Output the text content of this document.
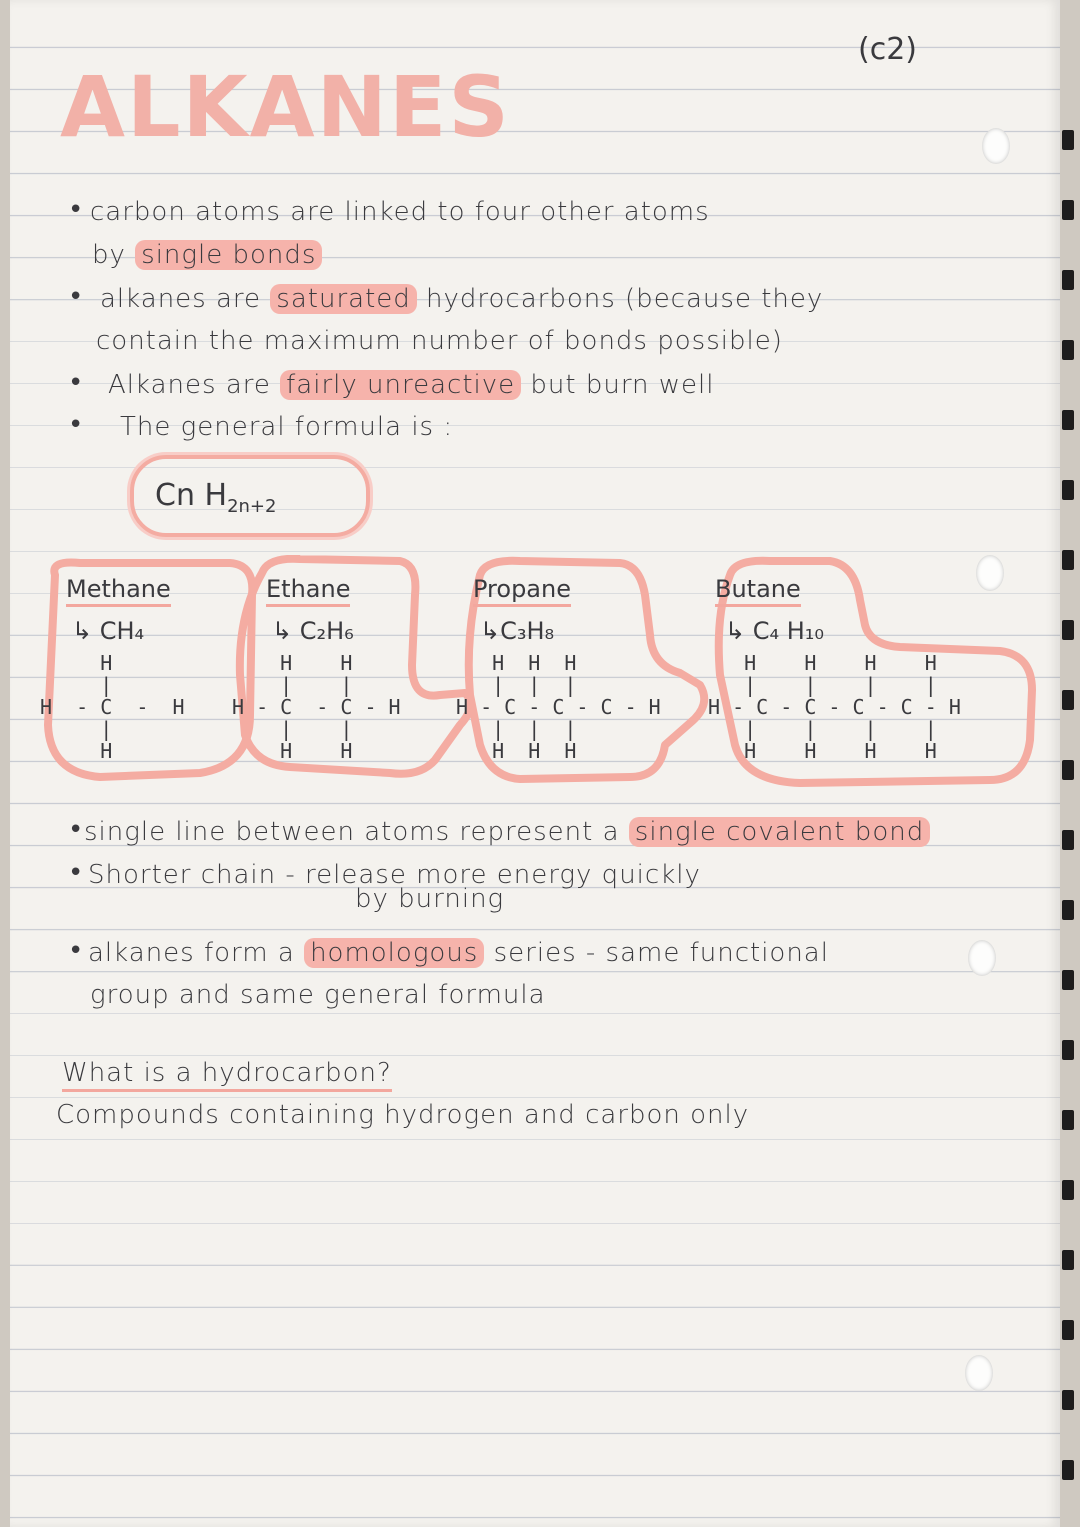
(c2)
ALKANES
• carbon atoms are linked to four other atoms
by single bonds
• alkanes are saturated hydrocarbons (because they
contain the maximum number of bonds possible)
• Alkanes are fairly unreactive but burn well
• The general formula is :
Cn $H_{2n+2}$
Methane
↳ CH₄
H
|
H  - C  -  H
|
H
Ethane
↳ C₂H₆
H    H
|    |
H - C  - C - H
|    |
H    H
Propane
↳C₃H₈
H  H  H
|  |  |
H - C - C - C - H
|  |  |
H  H  H
Butane
↳ C₄ H₁₀
H    H    H    H
|    |    |    |
H - C - C - C - C - H
|    |    |    |
H    H    H    H
• single line between atoms represent a single covalent bond
• Shorter chain - release more energy quickly
by burning
• alkanes form a homologous series - same functional
group and same general formula
What is a hydrocarbon?
Compounds containing hydrogen and carbon only
